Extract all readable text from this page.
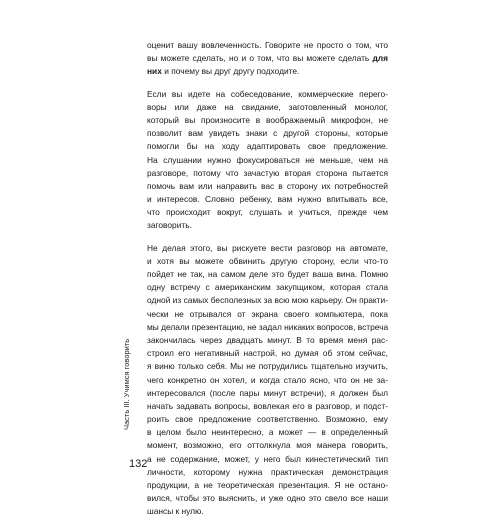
оценит вашу вовлеченность. Говорите не просто о том, что
вы можете сделать, но и о том, что вы можете сделать для
них и почему вы друг другу подходите.
Если вы идете на собеседование, коммерческие перего-
воры или даже на свидание, заготовленный монолог,
который вы произносите в воображаемый микрофон, не
позволит вам увидеть знаки с другой стороны, которые
помогли бы на ходу адаптировать свое предложение.
На слушании нужно фокусироваться не меньше, чем на
разговоре, потому что зачастую вторая сторона пытается
помочь вам или направить вас в сторону их потребностей
и интересов. Словно ребенку, вам нужно впитывать все,
что происходит вокруг, слушать и учиться, прежде чем
заговорить.
Не делая этого, вы рискуете вести разговор на автомате,
и хотя вы можете обвинить другую сторону, если что-то
пойдет не так, на самом деле это будет ваша вина. Помню
одну встречу с американским закупщиком, которая стала
одной из самых бесполезных за всю мою карьеру. Он практи-
чески не отрывался от экрана своего компьютера, пока
мы делали презентацию, не задал никаких вопросов, встреча
закончилась через двадцать минут. В то время меня рас-
строил его негативный настрой, но думая об этом сейчас,
я виню только себя. Мы не потрудились тщательно изучить,
чего конкретно он хотел, и когда стало ясно, что он не за-
интересовался (после пары минут встречи), я должен был
начать задавать вопросы, вовлекая его в разговор, и подст-
роить свое предложение соответственно. Возможно, ему
в целом было неинтересно, а может — в определенный
момент, возможно, его оттолкнула моя манера говорить,
а не содержание, может, у него был кинестетический тип
личности, которому нужна практическая демонстрация
продукции, а не теоретическая презентация. Я не остано-
вился, чтобы это выяснить, и уже одно это свело все наши
шансы к нулю.
Часть III. Учимся говорить
132
